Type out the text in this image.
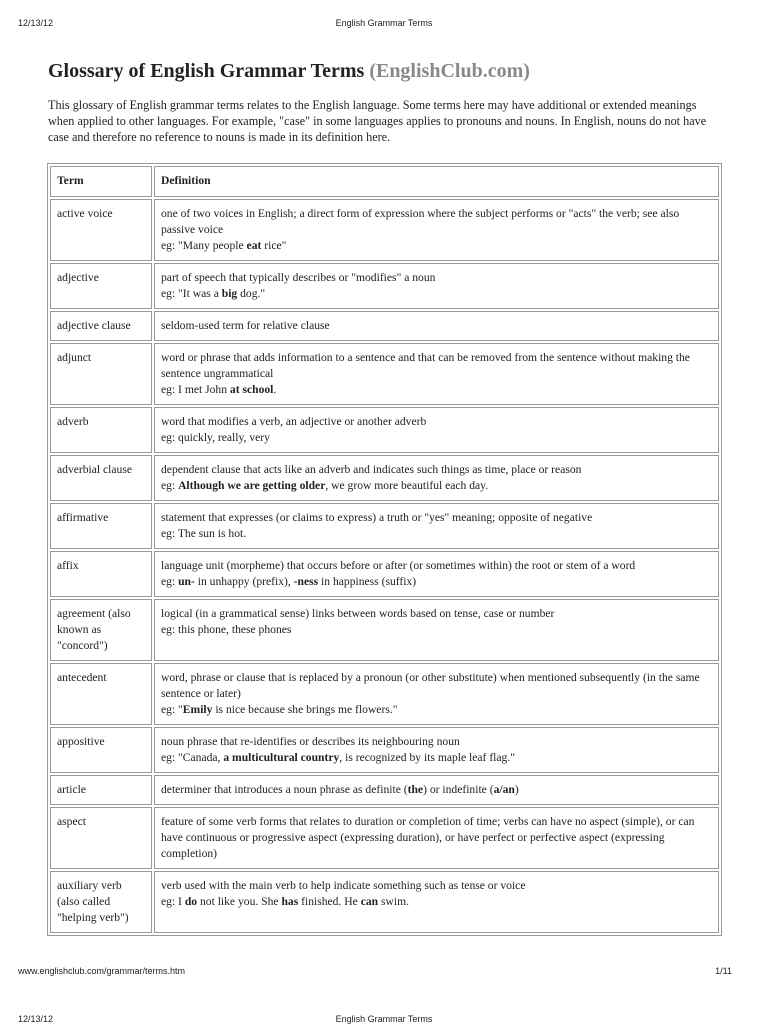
12/13/12	English Grammar Terms
Glossary of English Grammar Terms (EnglishClub.com)

This glossary of English grammar terms relates to the English language. Some terms here may have additional or extended meanings when applied to other languages. For example, "case" in some languages applies to pronouns and nouns. In English, nouns do not have case and therefore no reference to nouns is made in its definition here.

Term	Definition
active voice	one of two voices in English; a direct form of expression where the subject performs or "acts" the verb; see also passive voice
eg: "Many people eat rice"

adjective	part of speech that typically describes or "modifies" a noun
eg: "It was a big dog."

adjective clause	seldom-used term for relative clause

adjunct	word or phrase that adds information to a sentence and that can be removed from the sentence without making the sentence ungrammatical
eg: I met John at school.

adverb	word that modifies a verb, an adjective or another adverb
eg: quickly, really, very

adverbial clause	dependent clause that acts like an adverb and indicates such things as time, place or reason
eg: Although we are getting older, we grow more beautiful each day.

affirmative	statement that expresses (or claims to express) a truth or "yes" meaning; opposite of negative
eg: The sun is hot.

affix	language unit (morpheme) that occurs before or after (or sometimes within) the root or stem of a word
eg: un- in unhappy (prefix), -ness in happiness (suffix)

agreement (also known as "concord")	logical (in a grammatical sense) links between words based on tense, case or number
eg: this phone, these phones

antecedent	word, phrase or clause that is replaced by a pronoun (or other substitute) when mentioned subsequently (in the same sentence or later)
eg: "Emily is nice because she brings me flowers."

appositive	noun phrase that re-identifies or describes its neighbouring noun
eg: "Canada, a multicultural country, is recognized by its maple leaf flag."

article	determiner that introduces a noun phrase as definite (the) or indefinite (a/an)

aspect	feature of some verb forms that relates to duration or completion of time; verbs can have no aspect (simple), or can have continuous or progressive aspect (expressing duration), or have perfect or perfective aspect (expressing completion)

auxiliary verb (also called "helping verb")	verb used with the main verb to help indicate something such as tense or voice
eg: I do not like you. She has finished. He can swim.
www.englishclub.com/grammar/terms.htm	1/11
12/13/12	English Grammar Terms
